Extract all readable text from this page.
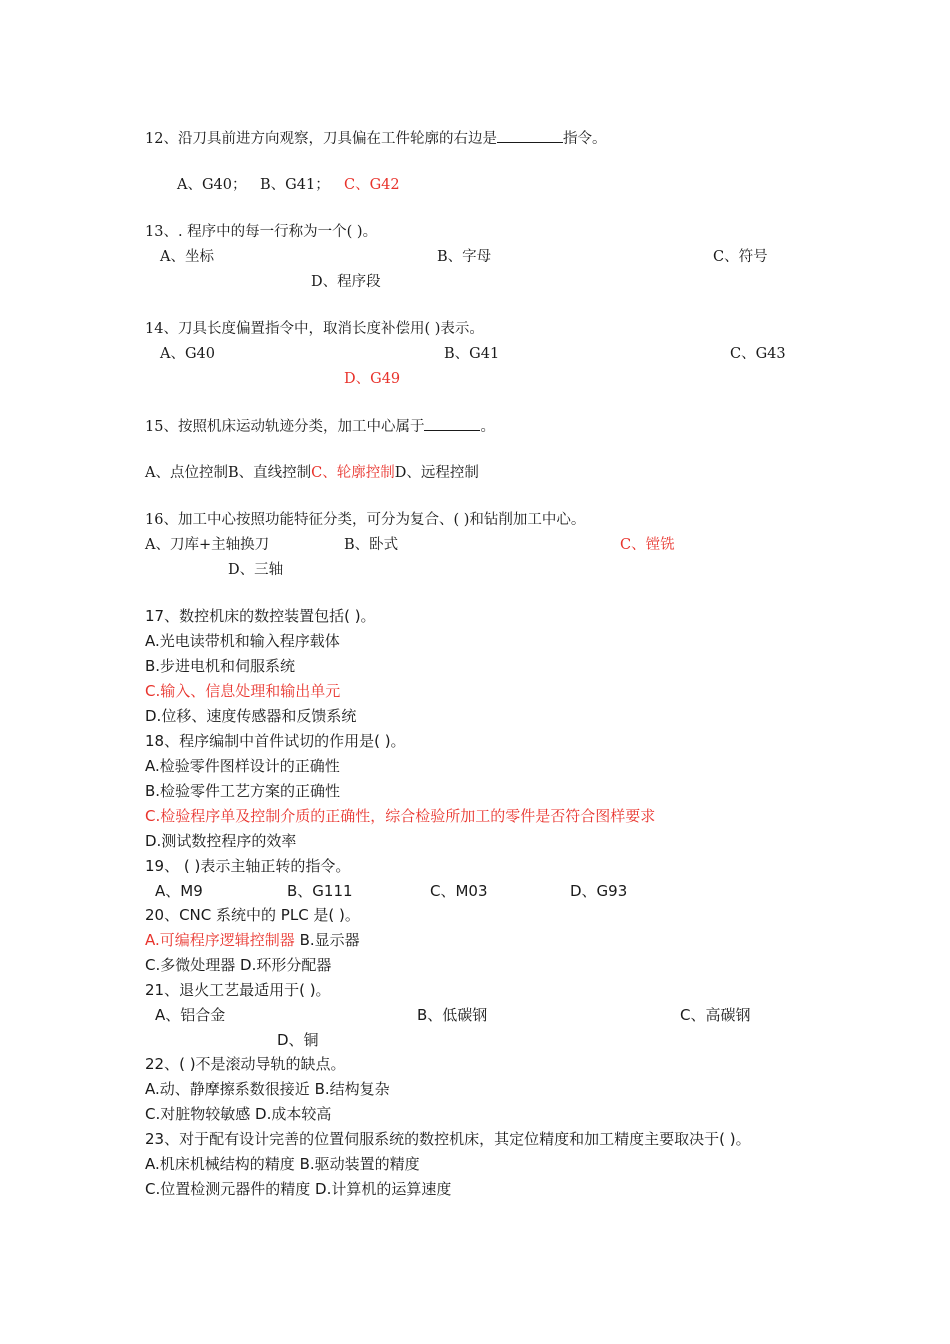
12、沿刀具前进方向观察，刀具偏在工件轮廓的右边是	指令。
A、G40； B、G41； C、G42
13、. 程序中的每一行称为一个( )。
A、坐标	B、字母	C、符号
D、程序段
14、刀具长度偏置指令中，取消长度补偿用( )表示。
A、G40	B、G41	C、G43
D、G49
15、按照机床运动轨迹分类，加工中心属于	。
A、点位控制B、直线控制C、轮廓控制D、远程控制
16、加工中心按照功能特征分类，可分为复合、( )和钻削加工中心。
A、刀库+主轴换刀	B、卧式	C、镗铣
D、三轴
17、数控机床的数控装置包括( )。
A.光电读带机和输入程序载体
B.步进电机和伺服系统
C.输入、信息处理和输出单元
D.位移、速度传感器和反馈系统
18、程序编制中首件试切的作用是( )。
A.检验零件图样设计的正确性
B.检验零件工艺方案的正确性
C.检验程序单及控制介质的正确性，综合检验所加工的零件是否符合图样要求
D.测试数控程序的效率
19、 ( )表示主轴正转的指令。
A、M9	B、G111	C、M03	D、G93
20、CNC 系统中的 PLC 是( )。
A.可编程序逻辑控制器 B.显示器
C.多微处理器 D.环形分配器
21、退火工艺最适用于( )。
A、铝合金	B、低碳钢	C、高碳钢
D、铜
22、( )不是滚动导轨的缺点。
A.动、静摩擦系数很接近 B.结构复杂
C.对脏物较敏感 D.成本较高
23、对于配有设计完善的位置伺服系统的数控机床，其定位精度和加工精度主要取决于( )。
A.机床机械结构的精度 B.驱动装置的精度
C.位置检测元器件的精度 D.计算机的运算速度
